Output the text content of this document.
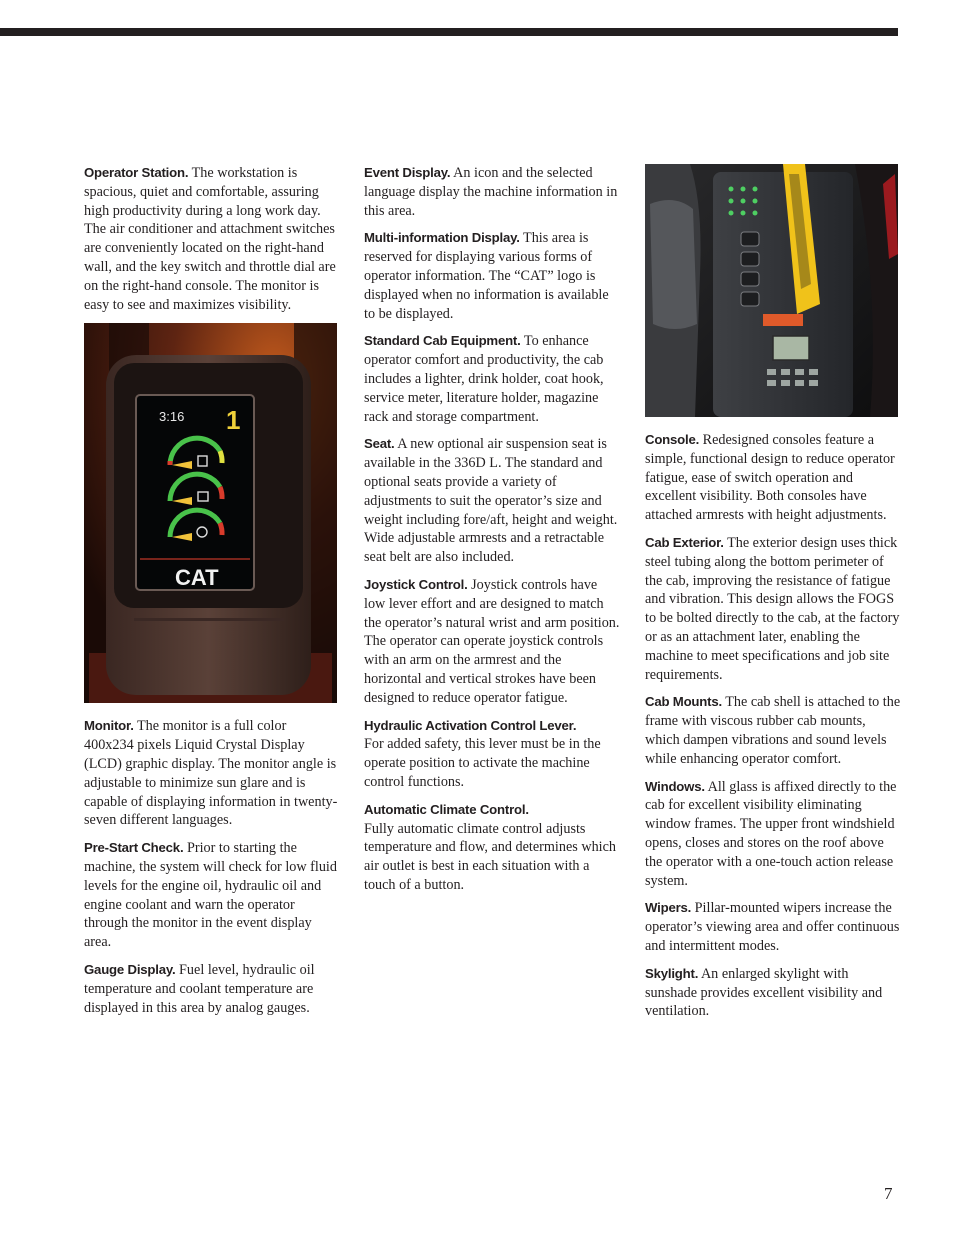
Operator Station. The workstation is spacious, quiet and comfortable, assuring high productivity during a long work day. The air conditioner and attachment switches are conveniently located on the right-hand wall, and the key switch and throttle dial are on the right-hand console. The monitor is easy to see and maximizes visibility.

3:16 1
CAT

Monitor. The monitor is a full color 400x234 pixels Liquid Crystal Display (LCD) graphic display. The monitor angle is adjustable to minimize sun glare and is capable of displaying information in twenty-seven different languages.

Pre-Start Check. Prior to starting the machine, the system will check for low fluid levels for the engine oil, hydraulic oil and engine coolant and warn the operator through the monitor in the event display area.

Gauge Display. Fuel level, hydraulic oil temperature and coolant temperature are displayed in this area by analog gauges.

Event Display. An icon and the selected language display the machine information in this area.

Multi-information Display. This area is reserved for displaying various forms of operator information. The “CAT” logo is displayed when no information is available to be displayed.

Standard Cab Equipment. To enhance operator comfort and productivity, the cab includes a lighter, drink holder, coat hook, service meter, literature holder, magazine rack and storage compartment.

Seat. A new optional air suspension seat is available in the 336D L. The standard and optional seats provide a variety of adjustments to suit the operator’s size and weight including fore/aft, height and weight. Wide adjustable armrests and a retractable seat belt are also included.

Joystick Control. Joystick controls have low lever effort and are designed to match the operator’s natural wrist and arm position. The operator can operate joystick controls with an arm on the armrest and the horizontal and vertical strokes have been designed to reduce operator fatigue.

Hydraulic Activation Control Lever.
For added safety, this lever must be in the operate position to activate the machine control functions.

Automatic Climate Control.
Fully automatic climate control adjusts temperature and flow, and determines which air outlet is best in each situation with a touch of a button.

Console. Redesigned consoles feature a simple, functional design to reduce operator fatigue, ease of switch operation and excellent visibility. Both consoles have attached armrests with height adjustments.

Cab Exterior. The exterior design uses thick steel tubing along the bottom perimeter of the cab, improving the resistance of fatigue and vibration. This design allows the FOGS to be bolted directly to the cab, at the factory or as an attachment later, enabling the machine to meet specifications and job site requirements.

Cab Mounts. The cab shell is attached to the frame with viscous rubber cab mounts, which dampen vibrations and sound levels while enhancing operator comfort.

Windows. All glass is affixed directly to the cab for excellent visibility eliminating window frames. The upper front windshield opens, closes and stores on the roof above the operator with a one-touch action release system.

Wipers. Pillar-mounted wipers increase the operator’s viewing area and offer continuous and intermittent modes.

Skylight. An enlarged skylight with sunshade provides excellent visibility and ventilation.

7
